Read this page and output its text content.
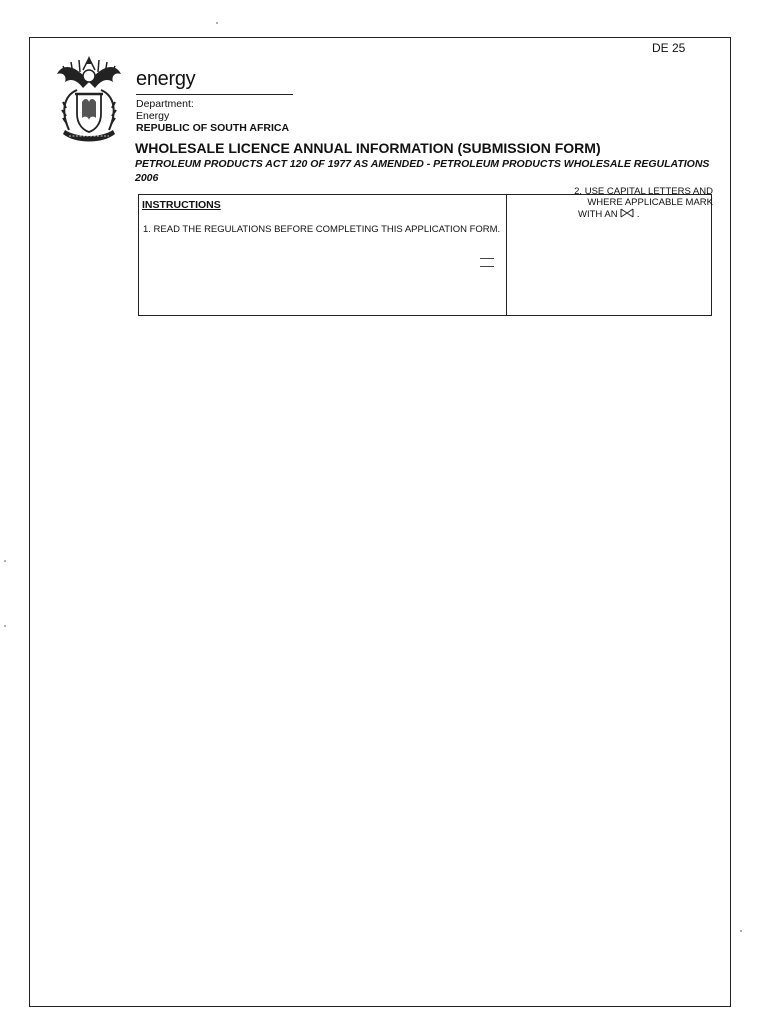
DE 25
energy
Department:
Energy
REPUBLIC OF SOUTH AFRICA
WHOLESALE LICENCE ANNUAL INFORMATION (SUBMISSION FORM)
PETROLEUM PRODUCTS ACT 120 OF 1977 AS AMENDED - PETROLEUM PRODUCTS WHOLESALE REGULATIONS 2006
INSTRUCTIONS
1. READ THE REGULATIONS BEFORE COMPLETING THIS APPLICATION FORM.
2. USE CAPITAL LETTERS AND
WHERE APPLICABLE MARK
WITH AN .
